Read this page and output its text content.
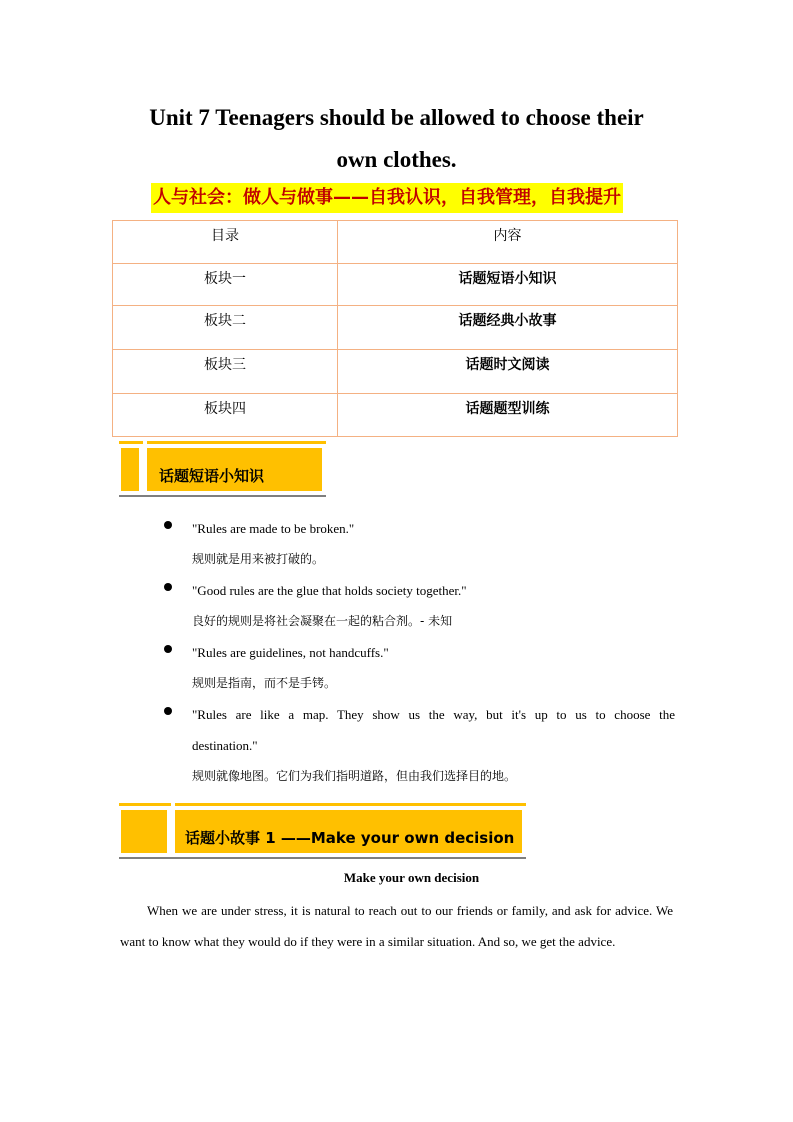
Unit 7 Teenagers should be allowed to choose their
own clothes.
人与社会：做人与做事——自我认识，自我管理，自我提升
目录	内容
板块一	话题短语小知识
板块二	话题经典小故事
板块三	话题时文阅读
板块四	话题题型训练
话题短语小知识

"Rules are made to be broken."

规则就是用来被打破的。

"Good rules are the glue that holds society together."

良好的规则是将社会凝聚在一起的粘合剂。- 未知

"Rules are guidelines, not handcuffs."

规则是指南，而不是手铐。

"Rules are like a map. They show us the way, but it's up to us to choose the

destination."

规则就像地图。它们为我们指明道路，但由我们选择目的地。

话题小故事 1 ——Make your own decision
Make your own decision
When we are under stress, it is natural to reach out to our friends or family, and ask for advice. We want to know what they would do if they were in a similar situation. And so, we get the advice.
